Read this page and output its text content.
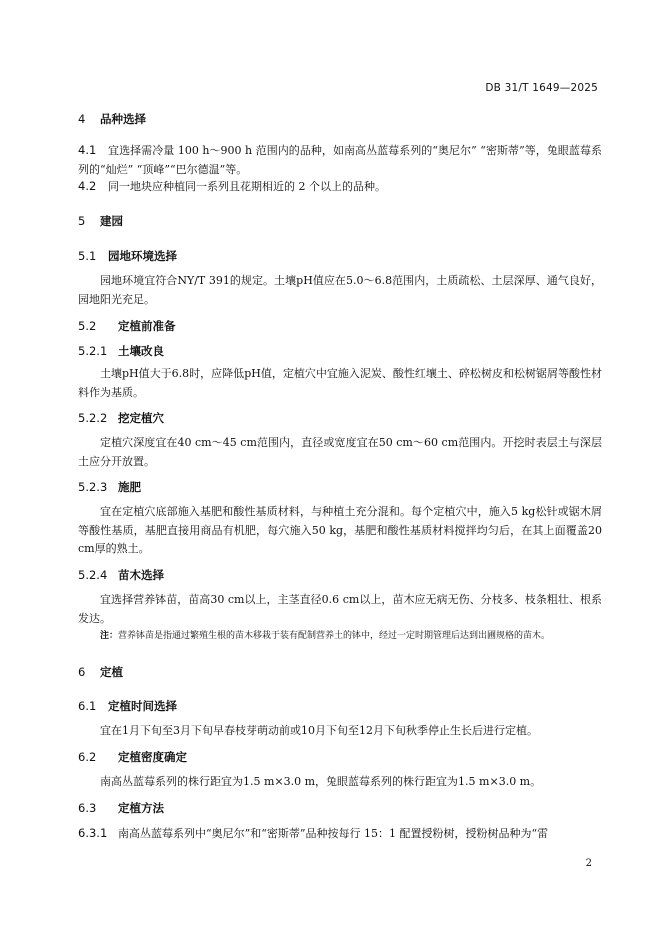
DB 31/T 1649—2025
4 品种选择
4.1 宜选择需冷量 100 h～900 h 范围内的品种，如南高丛蓝莓系列的“奥尼尔” “密斯蒂”等，兔眼蓝莓系列的“灿烂” “顶峰”“巴尔德温”等。
4.2 同一地块应种植同一系列且花期相近的 2 个以上的品种。
5 建园
5.1 园地环境选择
园地环境宜符合NY/T 391的规定。土壤pH值应在5.0～6.8范围内，土质疏松、土层深厚、通气良好，园地阳光充足。
5.2 定植前准备
5.2.1 土壤改良
土壤pH值大于6.8时，应降低pH值，定植穴中宜施入泥炭、酸性红壤土、碎松树皮和松树锯屑等酸性材料作为基质。
5.2.2 挖定植穴
定植穴深度宜在40 cm～45 cm范围内，直径或宽度宜在50 cm～60 cm范围内。开挖时表层土与深层土应分开放置。
5.2.3 施肥
宜在定植穴底部施入基肥和酸性基质材料，与种植土充分混和。每个定植穴中，施入5 kg松针或锯木屑等酸性基质，基肥直接用商品有机肥，每穴施入50 kg，基肥和酸性基质材料搅拌均匀后，在其上面覆盖20 cm厚的熟土。
5.2.4 苗木选择
宜选择营养钵苗，苗高30 cm以上，主茎直径0.6 cm以上，苗木应无病无伤、分枝多、枝条粗壮、根系发达。
注：营养钵苗是指通过繁殖生根的苗木移栽于装有配制营养土的钵中，经过一定时期管理后达到出圃规格的苗木。
6 定植
6.1 定植时间选择
宜在1月下旬至3月下旬早春枝芽萌动前或10月下旬至12月下旬秋季停止生长后进行定植。
6.2 定植密度确定
南高丛蓝莓系列的株行距宜为1.5 m×3.0 m，兔眼蓝莓系列的株行距宜为1.5 m×3.0 m。
6.3 定植方法
6.3.1 南高丛蓝莓系列中“奥尼尔”和“密斯蒂”品种按每行 15：1 配置授粉树，授粉树品种为“雷
2
